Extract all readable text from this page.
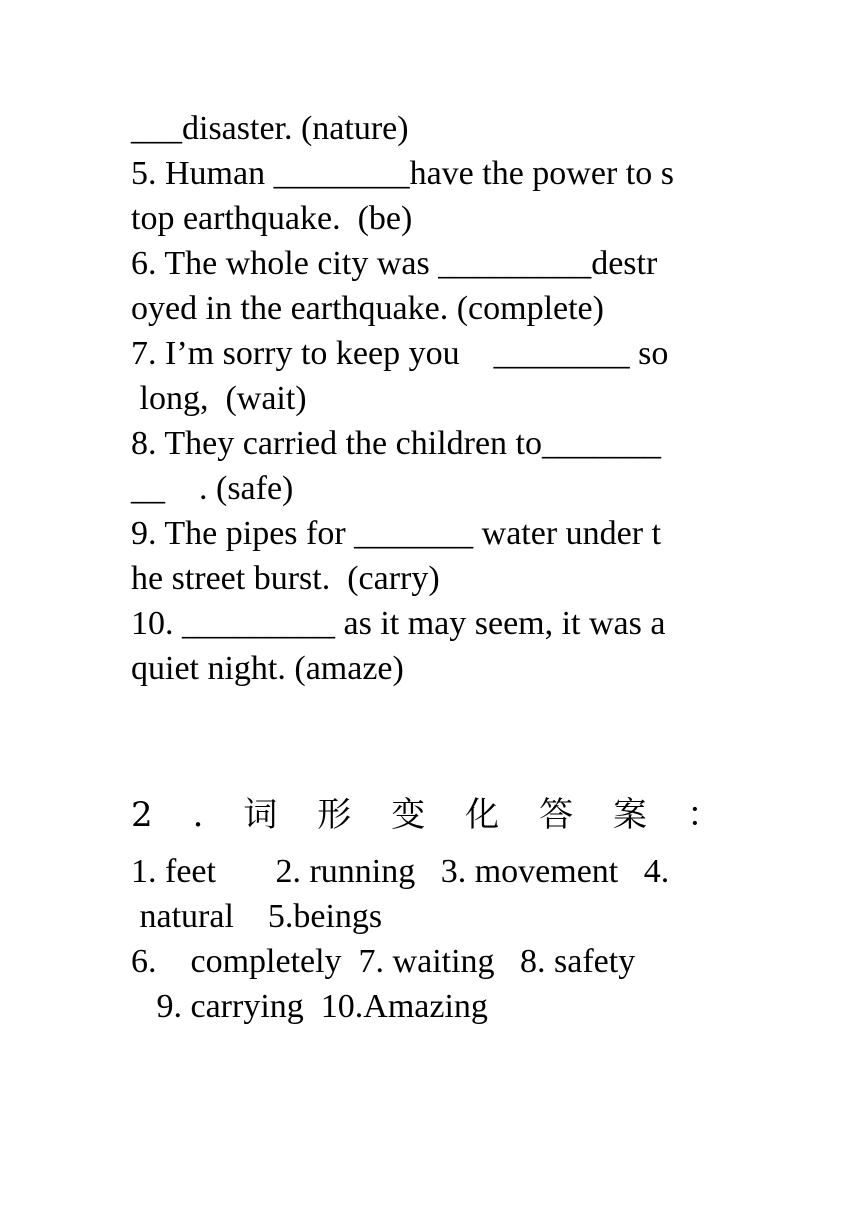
___disaster. (nature)
5. Human ________have the power to s
top earthquake.  (be)
6. The whole city was _________destr
oyed in the earthquake. (complete)
7. I’m sorry to keep you    ________ so
long,  (wait)
8. They carried the children to_______
__    . (safe)
9. The pipes for _______ water under t
he street burst.  (carry)
10. _________ as it may seem, it was a
quiet night. (amaze)
2 . 词 形 变 化 答 案 ：
1. feet       2. running   3. movement   4.
natural    5.beings
6.    completely  7. waiting   8. safety
9. carrying  10.Amazing
